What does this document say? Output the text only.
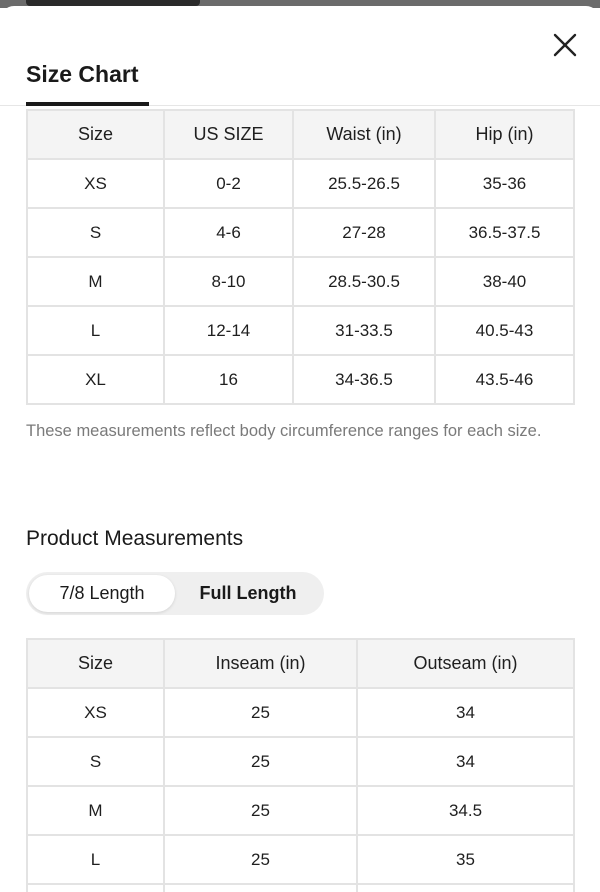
Size Chart
Size	US SIZE	Waist (in)	Hip (in)
XS	0-2	25.5-26.5	35-36
S	4-6	27-28	36.5-37.5
M	8-10	28.5-30.5	38-40
L	12-14	31-33.5	40.5-43
XL	16	34-36.5	43.5-46
These measurements reflect body circumference ranges for each size.
Product Measurements
7/8 Length	Full Length
Size	Inseam (in)	Outseam (in)
XS	25	34
S	25	34
M	25	34.5
L	25	35
